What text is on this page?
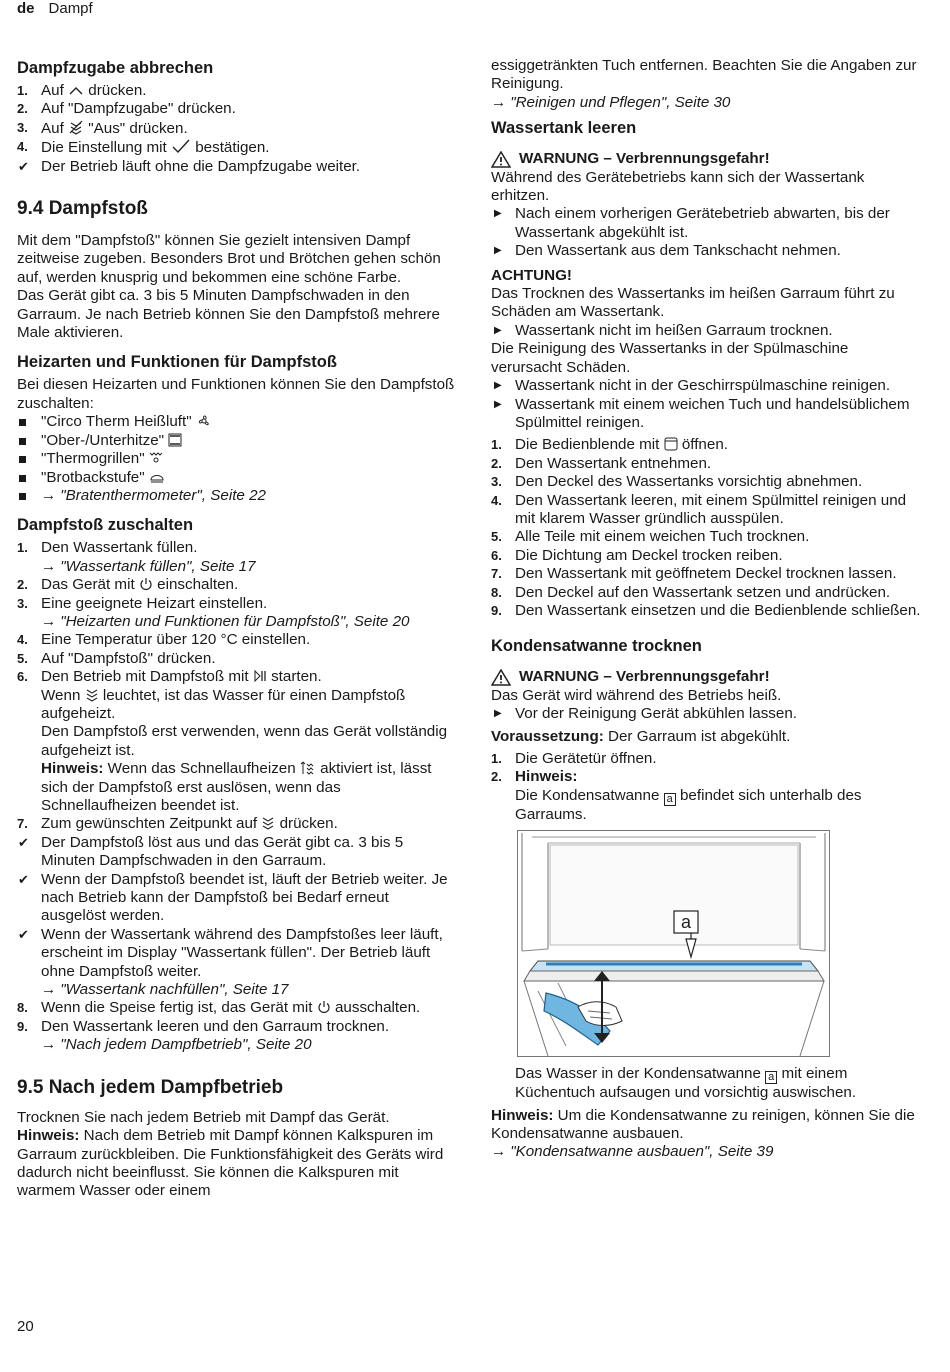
de Dampf
Dampfzugabe abbrechen
1. Auf  drücken.
2. Auf "Dampfzugabe" drücken.
3. Auf  "Aus" drücken.
4. Die Einstellung mit  bestätigen.
✔ Der Betrieb läuft ohne die Dampfzugabe weiter.
9.4 Dampfstoß

Mit dem "Dampfstoß" können Sie gezielt intensiven Dampf zeitweise zugeben. Besonders Brot und Brötchen gehen schön auf, werden knusprig und bekommen eine schöne Farbe.

Das Gerät gibt ca. 3 bis 5 Minuten Dampfschwaden in den Garraum. Je nach Betrieb können Sie den Dampfstoß mehrere Male aktivieren.

Heizarten und Funktionen für Dampfstoß

Bei diesen Heizarten und Funktionen können Sie den Dampfstoß zuschalten:

"Circo Therm Heißluft"
"Ober-/Unterhitze"
"Thermogrillen"
"Brotbackstufe"
→ "Bratenthermometer", Seite 22
Dampfstoß zuschalten
1. Den Wassertank füllen.
→ "Wassertank füllen", Seite 17
2. Das Gerät mit  einschalten.
3. Eine geeignete Heizart einstellen.
→ "Heizarten und Funktionen für Dampfstoß", Seite 20
4. Eine Temperatur über 120 °C einstellen.
5. Auf "Dampfstoß" drücken.
6. Den Betrieb mit Dampfstoß mit  starten.
Wenn  leuchtet, ist das Wasser für einen Dampfstoß aufgeheizt.
Den Dampfstoß erst verwenden, wenn das Gerät vollständig aufgeheizt ist.
Hinweis: Wenn das Schnellaufheizen  aktiviert ist, lässt sich der Dampfstoß erst auslösen, wenn das Schnellaufheizen beendet ist.
7. Zum gewünschten Zeitpunkt auf  drücken.
✔ Der Dampfstoß löst aus und das Gerät gibt ca. 3 bis 5 Minuten Dampfschwaden in den Garraum.
✔ Wenn der Dampfstoß beendet ist, läuft der Betrieb weiter. Je nach Betrieb kann der Dampfstoß bei Bedarf erneut ausgelöst werden.
✔ Wenn der Wassertank während des Dampfstoßes leer läuft, erscheint im Display "Wassertank füllen". Der Betrieb läuft ohne Dampfstoß weiter.
→ "Wassertank nachfüllen", Seite 17
8. Wenn die Speise fertig ist, das Gerät mit  ausschalten.
9. Den Wassertank leeren und den Garraum trocknen.
→ "Nach jedem Dampfbetrieb", Seite 20
9.5 Nach jedem Dampfbetrieb

Trocknen Sie nach jedem Betrieb mit Dampf das Gerät.

Hinweis: Nach dem Betrieb mit Dampf können Kalkspuren im Garraum zurückbleiben. Die Funktionsfähigkeit des Geräts wird dadurch nicht beeinflusst. Sie können die Kalkspuren mit warmem Wasser oder einem

essiggetränkten Tuch entfernen. Beachten Sie die Angaben zur Reinigung.

→ "Reinigen und Pflegen", Seite 30

Wassertank leeren
WARNUNG – Verbrennungsgefahr!

Während des Gerätebetriebs kann sich der Wassertank erhitzen.

▶ Nach einem vorherigen Gerätebetrieb abwarten, bis der Wassertank abgekühlt ist.
▶ Den Wassertank aus dem Tankschacht nehmen.

ACHTUNG!

Das Trocknen des Wassertanks im heißen Garraum führt zu Schäden am Wassertank.

▶ Wassertank nicht im heißen Garraum trocknen.

Die Reinigung des Wassertanks in der Spülmaschine verursacht Schäden.

▶ Wassertank nicht in der Geschirrspülmaschine reinigen.
▶ Wassertank mit einem weichen Tuch und handelsüblichem Spülmittel reinigen.
1. Die Bedienblende mit  öffnen.
2. Den Wassertank entnehmen.
3. Den Deckel des Wassertanks vorsichtig abnehmen.
4. Den Wassertank leeren, mit einem Spülmittel reinigen und mit klarem Wasser gründlich ausspülen.
5. Alle Teile mit einem weichen Tuch trocknen.
6. Die Dichtung am Deckel trocken reiben.
7. Den Wassertank mit geöffnetem Deckel trocknen lassen.
8. Den Deckel auf den Wassertank setzen und andrücken.
9. Den Wassertank einsetzen und die Bedienblende schließen.
Kondensatwanne trocknen
WARNUNG – Verbrennungsgefahr!

Das Gerät wird während des Betriebs heiß.

▶ Vor der Reinigung Gerät abkühlen lassen.

Voraussetzung: Der Garraum ist abgekühlt.

1. Die Gerätetür öffnen.
2. Hinweis:
Die Kondensatwanne a befindet sich unterhalb des Garraums.
a

Das Wasser in der Kondensatwanne a mit einem Küchentuch aufsaugen und vorsichtig auswischen.

Hinweis: Um die Kondensatwanne zu reinigen, können Sie die Kondensatwanne ausbauen.

→ "Kondensatwanne ausbauen", Seite 39

20
